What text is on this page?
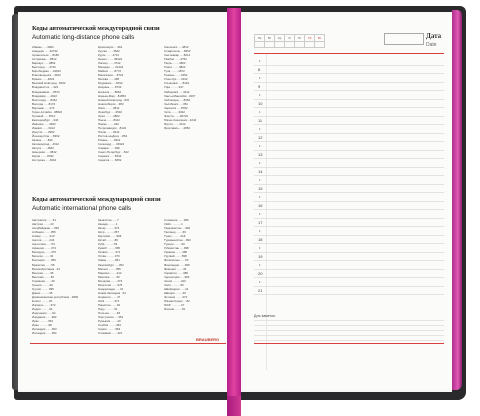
Коды автоматической междугородной связи
Automatic long-distance phone calls
Абакан ......3902
Анадырь ......42722
Архангельск ....8182
Астрахань ....8512
Барнаул ......3852
Белгород .....4722
Биробиджан ....42622
Благовещенск ...4162
Брянск .......4832
Великий Новгород ..8162
Владивосток ....423
Владикавказ ....8672
Владимир .....4922
Волгоград .....8442
Вологда ......8172
Воронеж ......473
Горно-Алтайск ..38822
Грозный ......8712
Екатеринбург ...343
Иваново ......4932
Ижевск .......3412
Иркутск ......3952
Йошкар-Ола ....8362
Казань .......843
Калининград ...4012
Калуга .......4842
Кемерово .....3842
Киров ........8332
Кострома .....4942
Красноярск ....391
Курган .......3522
Курск ........4712
Кызыл ........39422
Липецк .......4742
Магадан ......41322
Майкоп .......8772
Махачкала ....8722
Москва .......495
Мурманск .....8152
Назрань ......8732
Нальчик ......8662
Нарьян-Мар ...81853
Нижний Новгород ..831
Новосибирск ...383
Омск .........3812
Оренбург .....3532
Орёл .........4862
Пенза ........8412
Пермь ........342
Петрозаводск ...8142
Псков ........8112
Ростов-на-Дону ...863
Рязань .......4912
Салехард .....34922
Самара .......846
Санкт-Петербург ...812
Саранск ......8342
Саратов ......8452
Смоленск .....4812
Ставрополь ....8652
Сыктывкар .....8212
Тамбов .......4752
Тверь ........4822
Томск ........3822
Тула .........4872
Тюмень .......3452
Улан-Удэ .....3012
Ульяновск .....8422
Уфа ..........347
Хабаровск .....4212
Ханты-Мансийск ..3467
Чебоксары .....8352
Челябинск .....351
Черкесск .....8782
Чита .........3022
Элиста .......84722
Южно-Сахалинск ..4242
Якутск .......4112
Ярославль .....4852
Коды автоматической международной связи
Automatic international phone calls
Австралия .......61
Австрия ........43
Азербайджан ....994
Албания ........355
Алжир ..........213
Ангола .........244
Аргентина ......54
Армения ........374
Беларусь .......375
Бельгия ........32
Болгария .......359
Бразилия .......55
Великобритания ..44
Венгрия ........36
Вьетнам ........84
Германия .......49
Греция .........30
Грузия .........995
Дания ..........45
Доминиканская республика ..1809
Египет .........20
Израиль ........972
Индия ..........91
Индонезия ......62
Иордания .......962
Ирак ...........964
Иран ...........98
Ирландия .......353
Исландия .......354
Казахстан ......7
Канада .........1
Катар ..........974
Кипр ...........357
Киргизия .......996
Китай ..........86
Куба ...........53
Кувейт .........965
Латвия .........371
Литва ..........370
Ливан ..........961
Люксембург .....352
Мальта .........356
Марокко ........212
Мексика ........52
Молдова ........373
Монголия .......976
Нидерланды .....31
Новая Зеландия ..64
Норвегия .......47
ОАЭ ............971
Пакистан .......92
Перу ...........51
Польша .........48
Португалия .....351
Румыния ........40
Сербия .........381
Сирия ..........963
Словакия .......421
Словения .......386
США ............1
Таджикистан ....992
Таиланд ........66
Тунис ..........216
Туркменистан ...993
Турция .........90
Узбекистан .....998
Украина ........380
Уругвай ........598
Филиппины ......63
Финляндия ......358
Франция ........33
Хорватия .......385
Черногория .....382
Чехия ..........420
Чили ...........56
Швейцария ......41
Швеция .........46
Эстония ........372
Южная Корея ....82
ЮАР ............27
Япония .........81
BRAUBERG
Пн	Вт	Ср	Чт	Пт	Сб	Вс
							Дата
Date
•
8
•
9
•
10
•
11
•
12
•
13
•
14
•
15
•
16
•
17
•
18
•
19
•
20
•
21
Для заметок:
